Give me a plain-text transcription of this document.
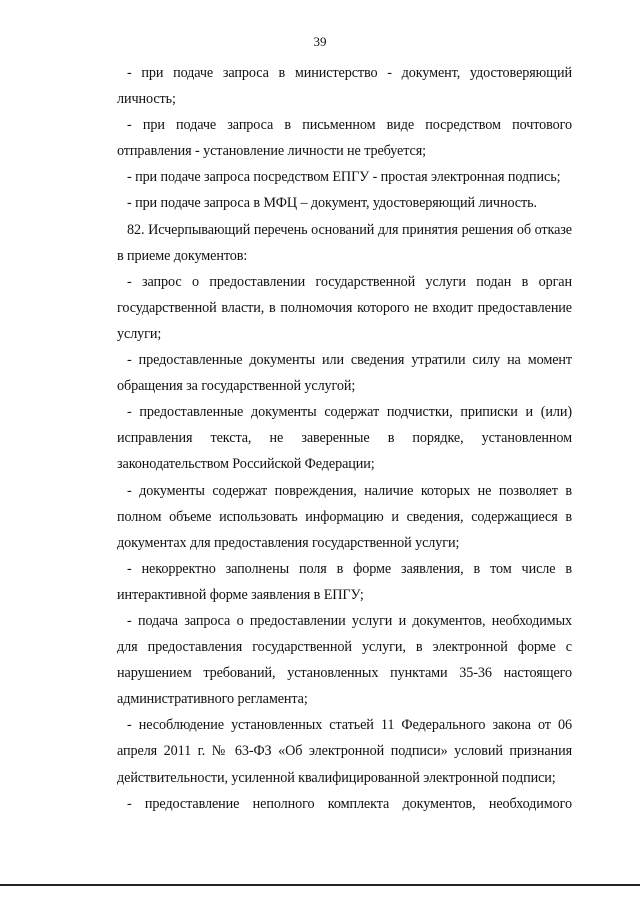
39

- при подаче запроса в министерство - документ, удостоверяющий личность;

- при подаче запроса в письменном виде посредством почтового отправления - установление личности не требуется;

- при подаче запроса посредством ЕПГУ - простая электронная подпись;

- при подаче запроса в МФЦ – документ, удостоверяющий личность.

82. Исчерпывающий перечень оснований для принятия решения об отказе в приеме документов:

- запрос о предоставлении государственной услуги подан в орган государственной власти, в полномочия которого не входит предоставление услуги;

- предоставленные документы или сведения утратили силу на момент обращения за государственной услугой;

- предоставленные документы содержат подчистки, приписки и (или) исправления текста, не заверенные в порядке, установленном законодательством Российской Федерации;

- документы содержат повреждения, наличие которых не позволяет в полном объеме использовать информацию и сведения, содержащиеся в документах для предоставления государственной услуги;

- некорректно заполнены поля в форме заявления, в том числе в интерактивной форме заявления в ЕПГУ;

- подача запроса о предоставлении услуги и документов, необходимых для предоставления государственной услуги, в электронной форме с нарушением требований, установленных пунктами 35-36 настоящего административного регламента;

- несоблюдение установленных статьей 11 Федерального закона от 06 апреля 2011 г. № 63-ФЗ «Об электронной подписи» условий признания действительности, усиленной квалифицированной электронной подписи;

- предоставление неполного комплекта документов, необходимого
